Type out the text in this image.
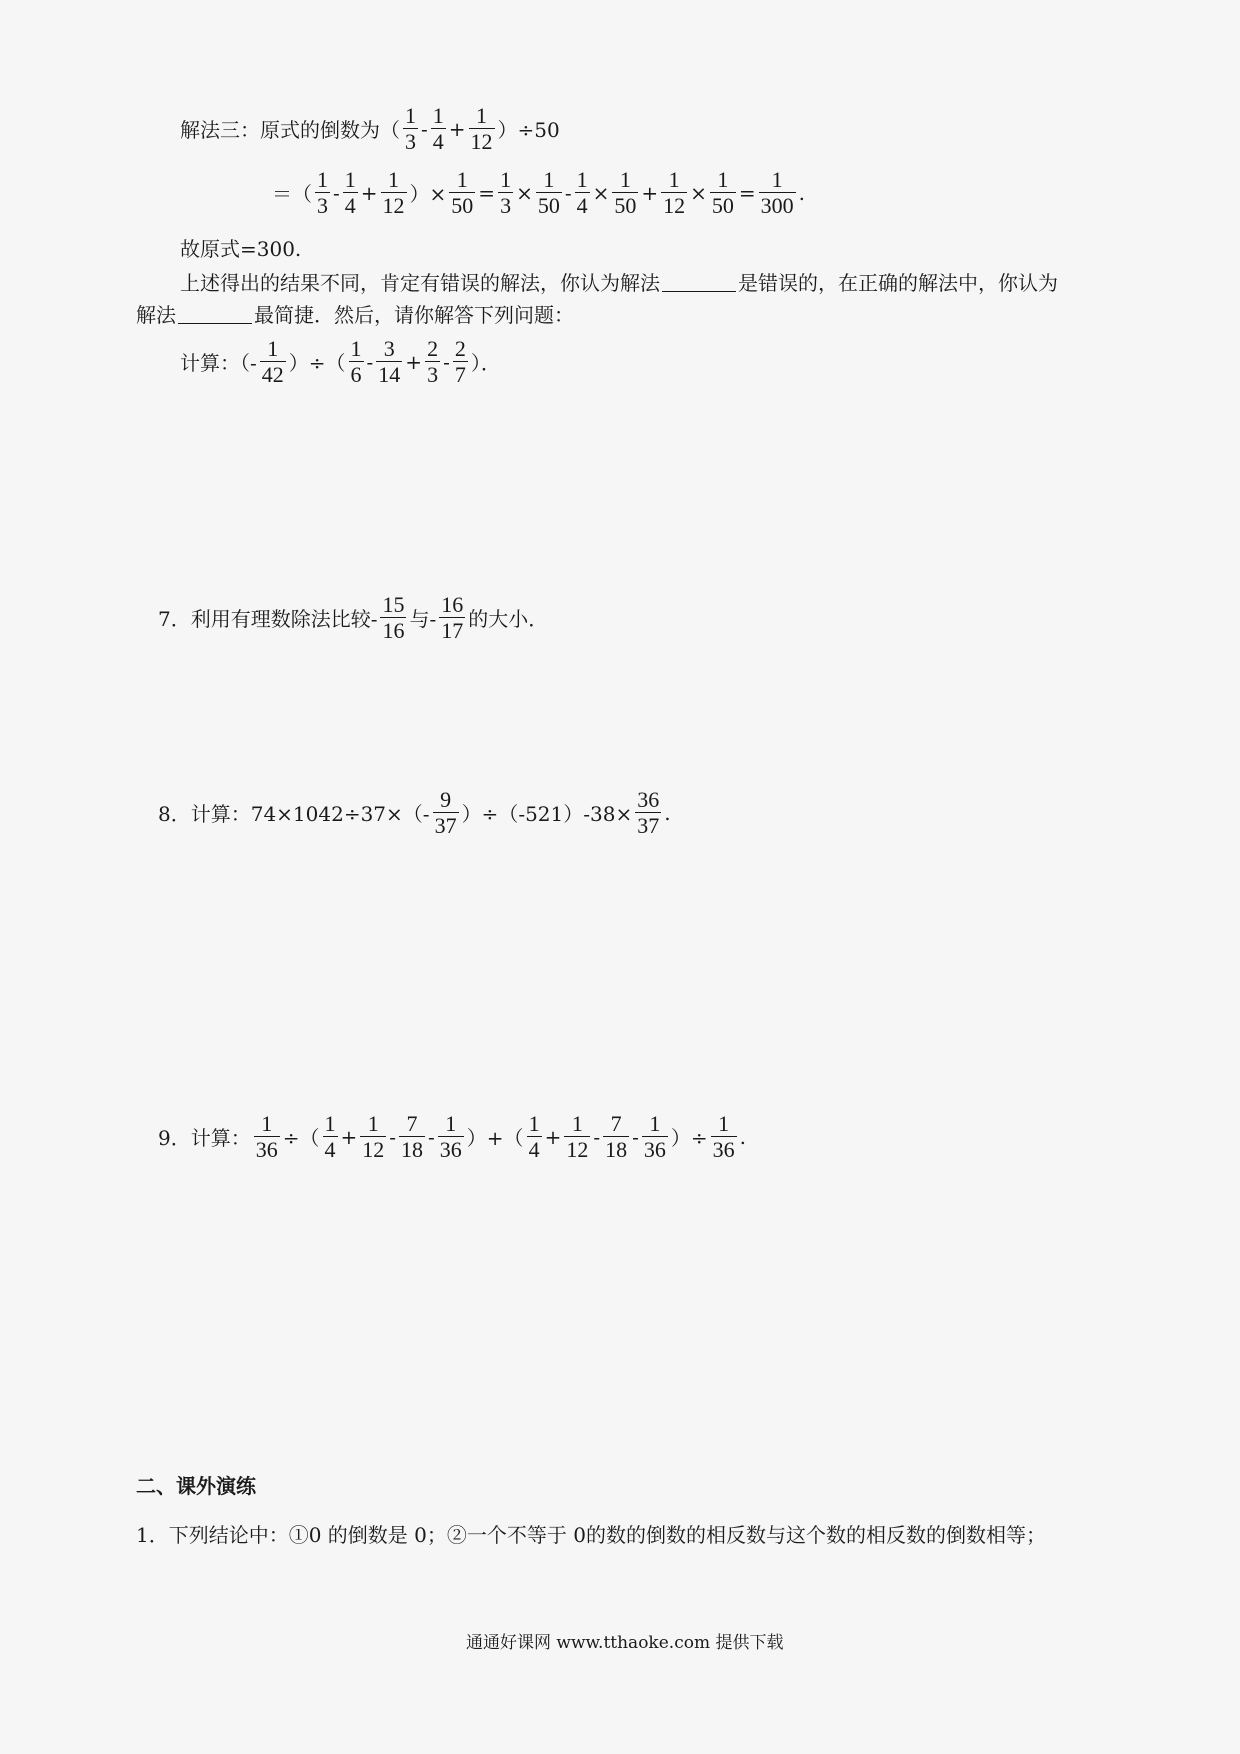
解法三：原式的倒数为（ $\frac{1}{3} - \frac{1}{4} + \frac{1}{12} )\div 50$
＝（ $\frac{1}{3} - \frac{1}{4} + \frac{1}{12}$ ）× $\frac{1}{50} = \frac{1}{3} \times \frac{1}{50} - \frac{1}{4} \times \frac{1}{50} + \frac{1}{12} \times \frac{1}{50} = \frac{1}{300}$ .
故原式=300.
上述得出的结果不同，肯定有错误的解法，你认为解法	是错误的，在正确的解法中，你认为
解法	最简捷．然后，请你解答下列问题：
计算：（- $\frac{1}{42}$ ）÷（ $\frac{1}{6} - \frac{3}{14} + \frac{2}{3} - \frac{2}{7}$ ）．
7．利用有理数除法比较- $\frac{15}{16}$ 与- $\frac{16}{17}$ 的大小．
8．计算：$74\times 1042\div 37\times(- \frac{9}{37} )\div(-521)-38\times \frac{36}{37}$ .
9．计算： $\frac{1}{36}$ ÷（ $\frac{1}{4} + \frac{1}{12} - \frac{7}{18} - \frac{1}{36}$ ）+（ $\frac{1}{4} + \frac{1}{12} - \frac{7}{18} - \frac{1}{36}$ ）÷ $\frac{1}{36}$ .
二、课外演练
1．下列结论中：①0 的倒数是 0；②一个不等于 0的数的倒数的相反数与这个数的相反数的倒数相等；
通通好课网 www.tthaoke.com 提供下载
